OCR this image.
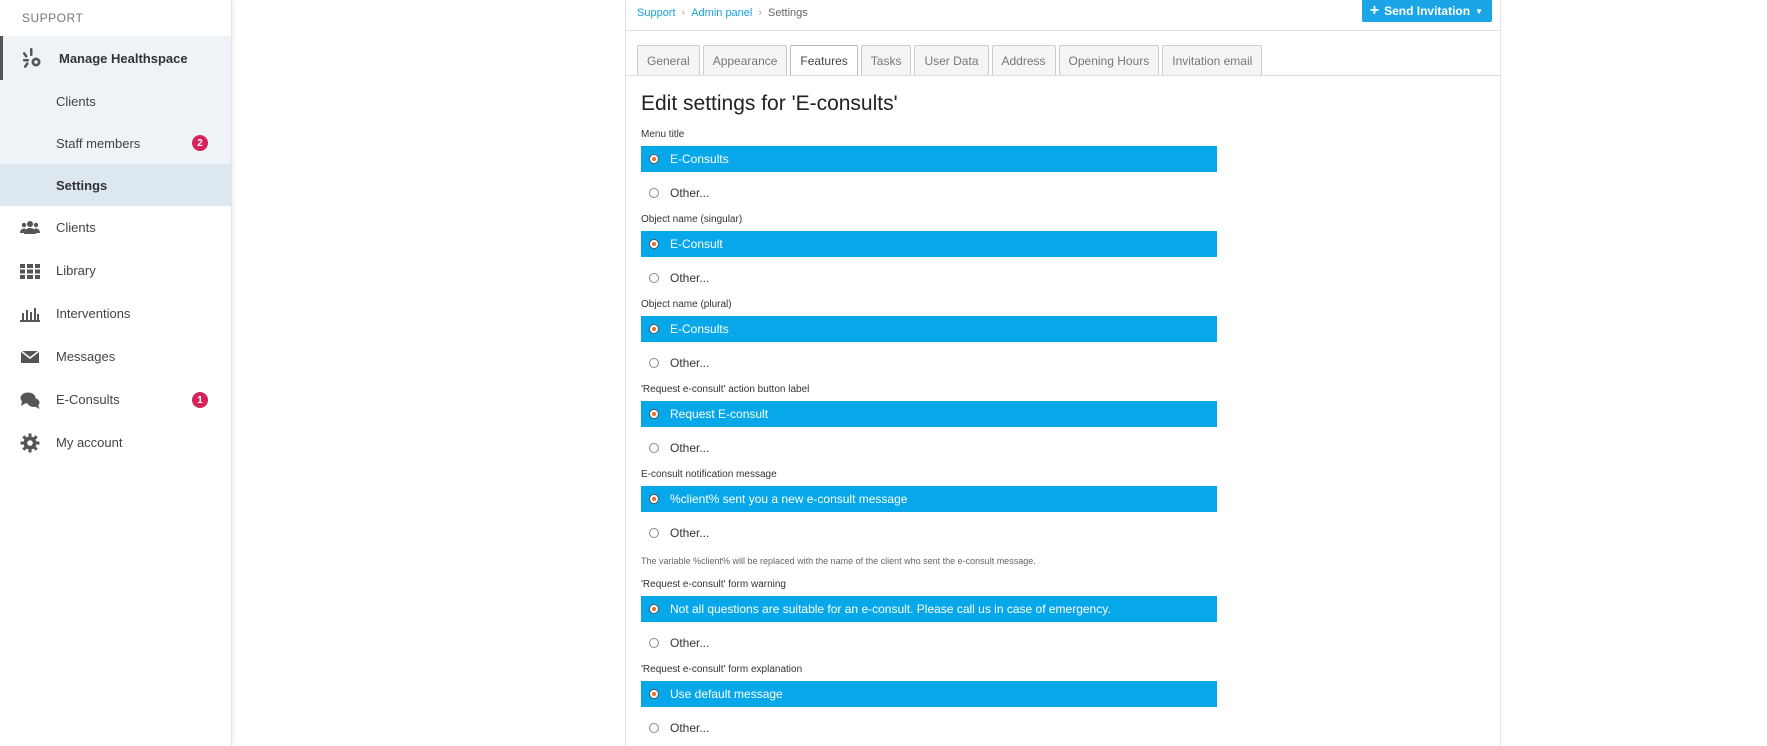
SUPPORT
Manage Healthspace
Clients
Staff members	2
Settings
Clients
Library
Interventions
Messages
E-Consults	1
My account
Support › Admin panel › Settings	+ Send Invitation ▼
General	Appearance	Features	Tasks	User Data	Address	Opening Hours	Invitation email
Edit settings for 'E-consults'
Menu title
E-Consults
Other...
Object name (singular)
E-Consult
Other...
Object name (plural)
E-Consults
Other...
'Request e-consult' action button label
Request E-consult
Other...
E-consult notification message
%client% sent you a new e-consult message
Other...
The variable %client% will be replaced with the name of the client who sent the e-consult message.
'Request e-consult' form warning
Not all questions are suitable for an e-consult. Please call us in case of emergency.
Other...
'Request e-consult' form explanation
Use default message
Other...
